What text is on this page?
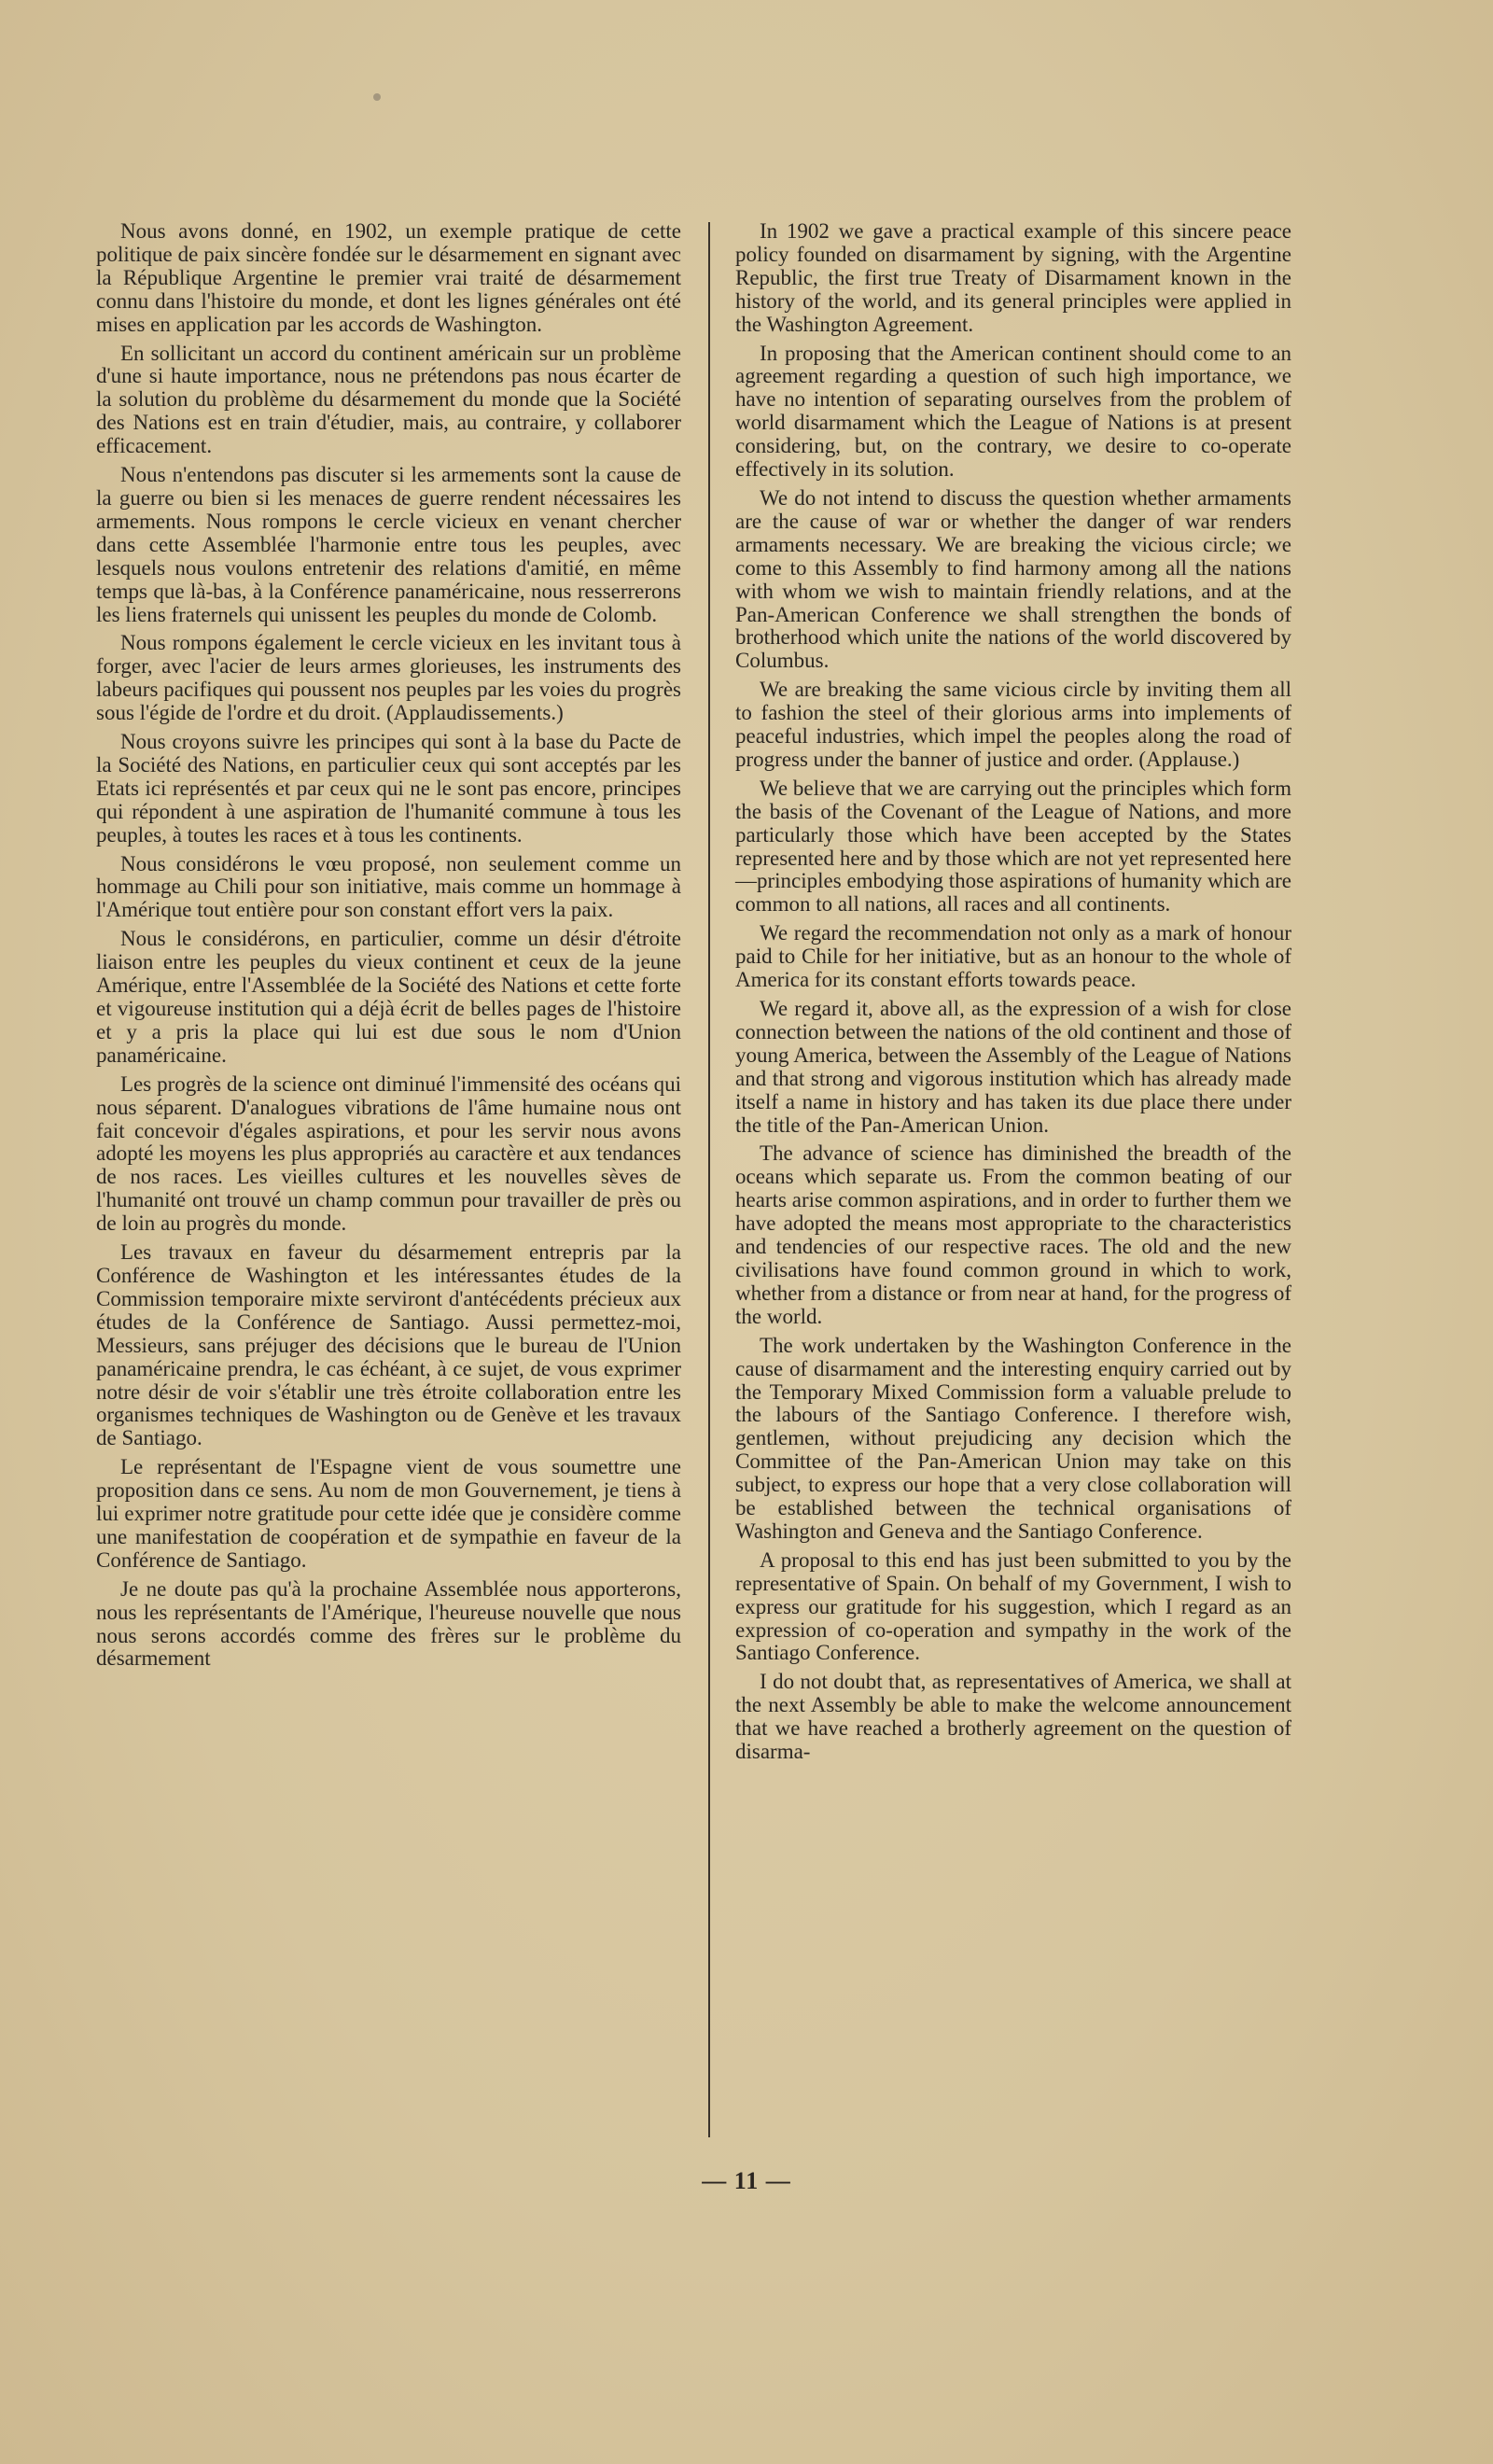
Nous avons donné, en 1902, un exemple pratique de cette politique de paix sincère fondée sur le désarmement en signant avec la République Argentine le premier vrai traité de désarmement connu dans l'histoire du monde, et dont les lignes générales ont été mises en application par les accords de Washington.

En sollicitant un accord du continent américain sur un problème d'une si haute importance, nous ne prétendons pas nous écarter de la solution du problème du désarmement du monde que la Société des Nations est en train d'étudier, mais, au contraire, y collaborer efficacement.

Nous n'entendons pas discuter si les armements sont la cause de la guerre ou bien si les menaces de guerre rendent nécessaires les armements. Nous rompons le cercle vicieux en venant chercher dans cette Assemblée l'harmonie entre tous les peuples, avec lesquels nous voulons entretenir des relations d'amitié, en même temps que là-bas, à la Conférence panaméricaine, nous resserrerons les liens fraternels qui unissent les peuples du monde de Colomb.

Nous rompons également le cercle vicieux en les invitant tous à forger, avec l'acier de leurs armes glorieuses, les instruments des labeurs pacifiques qui poussent nos peuples par les voies du progrès sous l'égide de l'ordre et du droit. (Applaudissements.)

Nous croyons suivre les principes qui sont à la base du Pacte de la Société des Nations, en particulier ceux qui sont acceptés par les Etats ici représentés et par ceux qui ne le sont pas encore, principes qui répondent à une aspiration de l'humanité commune à tous les peuples, à toutes les races et à tous les continents.

Nous considérons le vœu proposé, non seulement comme un hommage au Chili pour son initiative, mais comme un hommage à l'Amérique tout entière pour son constant effort vers la paix.

Nous le considérons, en particulier, comme un désir d'étroite liaison entre les peuples du vieux continent et ceux de la jeune Amérique, entre l'Assemblée de la Société des Nations et cette forte et vigoureuse institution qui a déjà écrit de belles pages de l'histoire et y a pris la place qui lui est due sous le nom d'Union panaméricaine.

Les progrès de la science ont diminué l'immensité des océans qui nous séparent. D'analogues vibrations de l'âme humaine nous ont fait concevoir d'égales aspirations, et pour les servir nous avons adopté les moyens les plus appropriés au caractère et aux tendances de nos races. Les vieilles cultures et les nouvelles sèves de l'humanité ont trouvé un champ commun pour travailler de près ou de loin au progrès du monde.

Les travaux en faveur du désarmement entrepris par la Conférence de Washington et les intéressantes études de la Commission temporaire mixte serviront d'antécédents précieux aux études de la Conférence de Santiago. Aussi permettez-moi, Messieurs, sans préjuger des décisions que le bureau de l'Union panaméricaine prendra, le cas échéant, à ce sujet, de vous exprimer notre désir de voir s'établir une très étroite collaboration entre les organismes techniques de Washington ou de Genève et les travaux de Santiago.

Le représentant de l'Espagne vient de vous soumettre une proposition dans ce sens. Au nom de mon Gouvernement, je tiens à lui exprimer notre gratitude pour cette idée que je considère comme une manifestation de coopération et de sympathie en faveur de la Conférence de Santiago.

Je ne doute pas qu'à la prochaine Assemblée nous apporterons, nous les représentants de l'Amérique, l'heureuse nouvelle que nous nous serons accordés comme des frères sur le problème du désarmement

In 1902 we gave a practical example of this sincere peace policy founded on disarmament by signing, with the Argentine Republic, the first true Treaty of Disarmament known in the history of the world, and its general principles were applied in the Washington Agreement.

In proposing that the American continent should come to an agreement regarding a question of such high importance, we have no intention of separating ourselves from the problem of world disarmament which the League of Nations is at present considering, but, on the contrary, we desire to co-operate effectively in its solution.

We do not intend to discuss the question whether armaments are the cause of war or whether the danger of war renders armaments necessary. We are breaking the vicious circle; we come to this Assembly to find harmony among all the nations with whom we wish to maintain friendly relations, and at the Pan-American Conference we shall strengthen the bonds of brotherhood which unite the nations of the world discovered by Columbus.

We are breaking the same vicious circle by inviting them all to fashion the steel of their glorious arms into implements of peaceful industries, which impel the peoples along the road of progress under the banner of justice and order. (Applause.)

We believe that we are carrying out the principles which form the basis of the Covenant of the League of Nations, and more particularly those which have been accepted by the States represented here and by those which are not yet represented here—principles embodying those aspirations of humanity which are common to all nations, all races and all continents.

We regard the recommendation not only as a mark of honour paid to Chile for her initiative, but as an honour to the whole of America for its constant efforts towards peace.

We regard it, above all, as the expression of a wish for close connection between the nations of the old continent and those of young America, between the Assembly of the League of Nations and that strong and vigorous institution which has already made itself a name in history and has taken its due place there under the title of the Pan-American Union.

The advance of science has diminished the breadth of the oceans which separate us. From the common beating of our hearts arise common aspirations, and in order to further them we have adopted the means most appropriate to the characteristics and tendencies of our respective races. The old and the new civilisations have found common ground in which to work, whether from a distance or from near at hand, for the progress of the world.

The work undertaken by the Washington Conference in the cause of disarmament and the interesting enquiry carried out by the Temporary Mixed Commission form a valuable prelude to the labours of the Santiago Conference. I therefore wish, gentlemen, without prejudicing any decision which the Committee of the Pan-American Union may take on this subject, to express our hope that a very close collaboration will be established between the technical organisations of Washington and Geneva and the Santiago Conference.

A proposal to this end has just been submitted to you by the representative of Spain. On behalf of my Government, I wish to express our gratitude for his suggestion, which I regard as an expression of co-operation and sympathy in the work of the Santiago Conference.

I do not doubt that, as representatives of America, we shall at the next Assembly be able to make the welcome announcement that we have reached a brotherly agreement on the question of disarma-

— 11 —
